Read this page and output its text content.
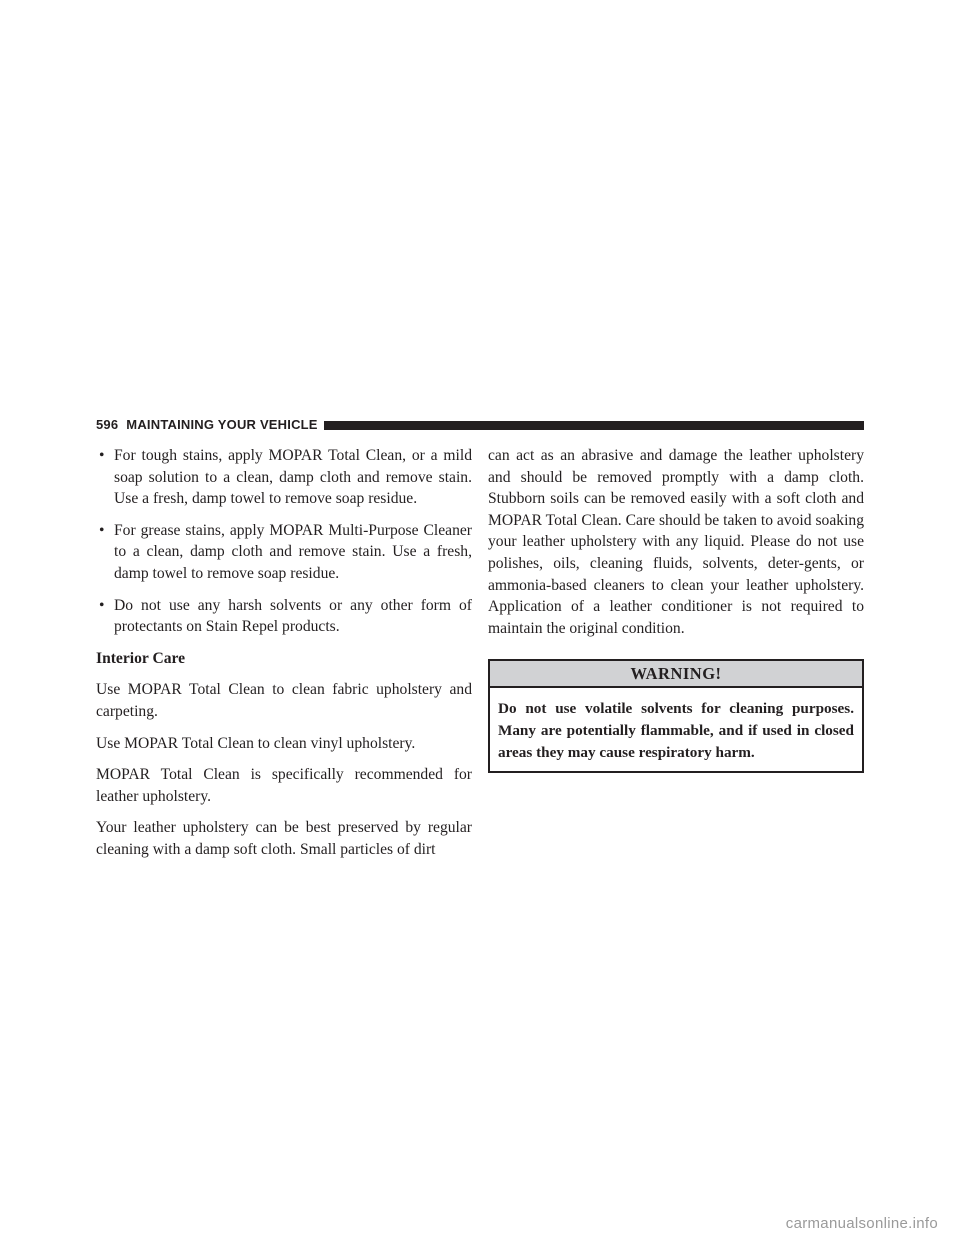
596 MAINTAINING YOUR VEHICLE
• For tough stains, apply MOPAR Total Clean, or a mild soap solution to a clean, damp cloth and remove stain. Use a fresh, damp towel to remove soap residue.
• For grease stains, apply MOPAR Multi-Purpose Cleaner to a clean, damp cloth and remove stain. Use a fresh, damp towel to remove soap residue.
• Do not use any harsh solvents or any other form of protectants on Stain Repel products.

Interior Care

Use MOPAR Total Clean to clean fabric upholstery and carpeting.

Use MOPAR Total Clean to clean vinyl upholstery.

MOPAR Total Clean is specifically recommended for leather upholstery.

Your leather upholstery can be best preserved by regular cleaning with a damp soft cloth. Small particles of dirt

can act as an abrasive and damage the leather upholstery and should be removed promptly with a damp cloth. Stubborn soils can be removed easily with a soft cloth and MOPAR Total Clean. Care should be taken to avoid soaking your leather upholstery with any liquid. Please do not use polishes, oils, cleaning fluids, solvents, deter-gents, or ammonia-based cleaners to clean your leather upholstery. Application of a leather conditioner is not required to maintain the original condition.

WARNING!
Do not use volatile solvents for cleaning purposes. Many are potentially flammable, and if used in closed areas they may cause respiratory harm.
carmanualsonline.info
